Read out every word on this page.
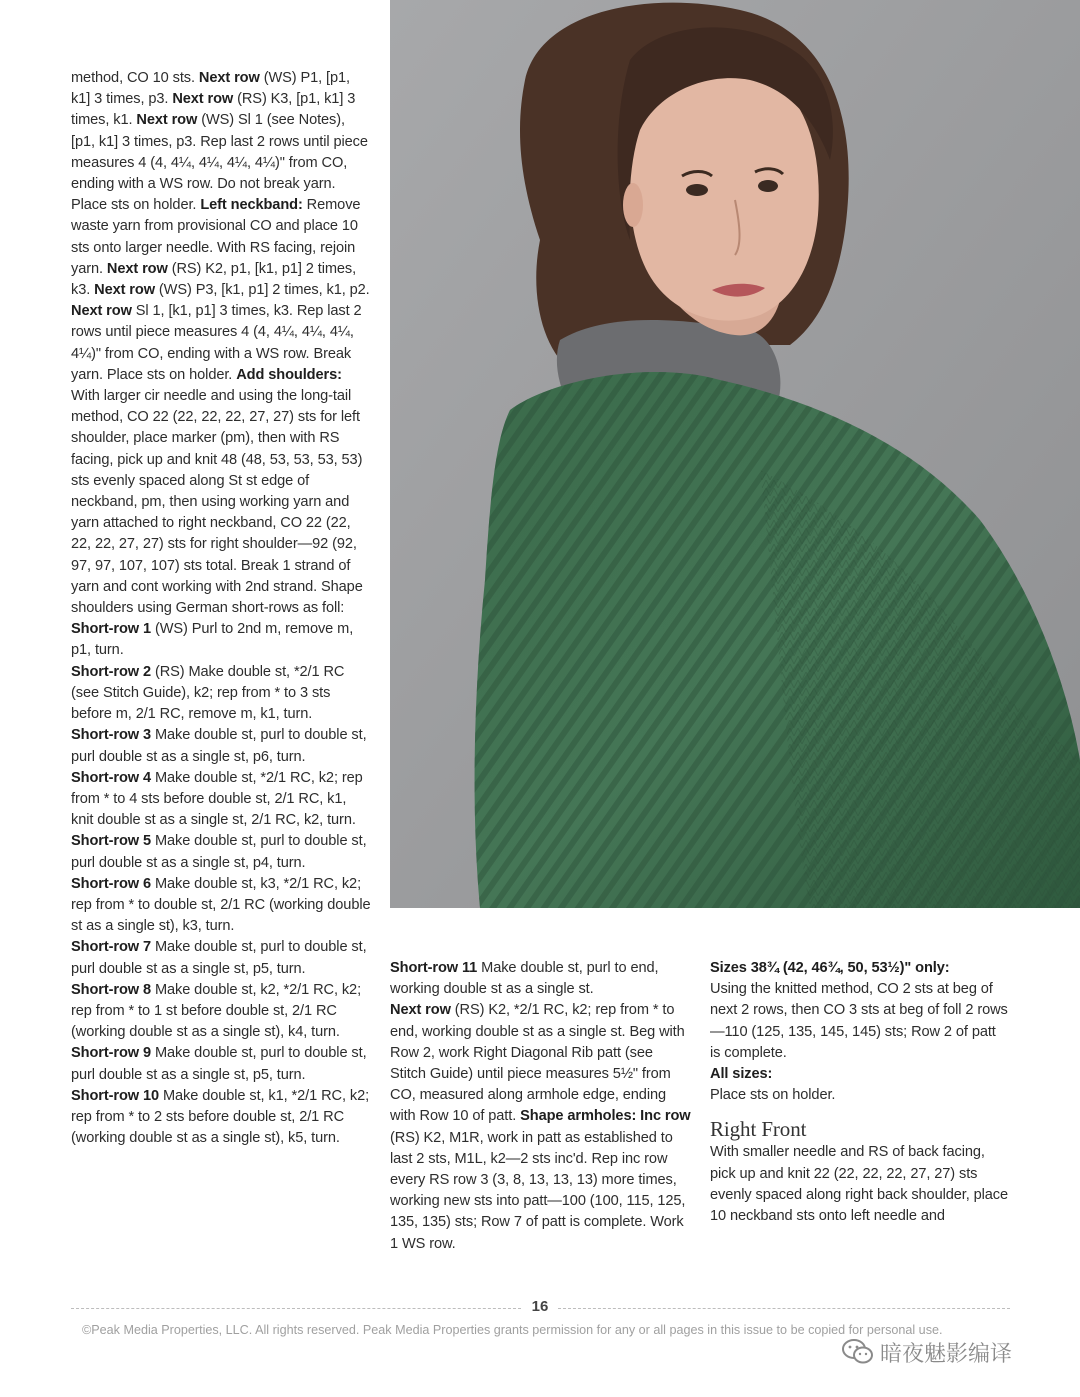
method, CO 10 sts. Next row (WS) P1, [p1, k1] 3 times, p3. Next row (RS) K3, [p1, k1] 3 times, k1. Next row (WS) Sl 1 (see Notes), [p1, k1] 3 times, p3. Rep last 2 rows until piece measures 4 (4, 4¼, 4¼, 4¼, 4¼)" from CO, ending with a WS row. Do not break yarn. Place sts on holder. Left neckband: Remove waste yarn from provisional CO and place 10 sts onto larger needle. With RS facing, rejoin yarn. Next row (RS) K2, p1, [k1, p1] 2 times, k3. Next row (WS) P3, [k1, p1] 2 times, k1, p2. Next row Sl 1, [k1, p1] 3 times, k3. Rep last 2 rows until piece measures 4 (4, 4¼, 4¼, 4¼, 4¼)" from CO, ending with a WS row. Break yarn. Place sts on holder. Add shoulders: With larger cir needle and using the long-tail method, CO 22 (22, 22, 22, 27, 27) sts for left shoulder, place marker (pm), then with RS facing, pick up and knit 48 (48, 53, 53, 53, 53) sts evenly spaced along St st edge of neckband, pm, then using working yarn and yarn attached to right neckband, CO 22 (22, 22, 22, 27, 27) sts for right shoulder—92 (92, 97, 97, 107, 107) sts total. Break 1 strand of yarn and cont working with 2nd strand. Shape shoulders using German short-rows as foll:

Short-row 1 (WS) Purl to 2nd m, remove m, p1, turn.

Short-row 2 (RS) Make double st, *2/1 RC (see Stitch Guide), k2; rep from * to 3 sts before m, 2/1 RC, remove m, k1, turn.

Short-row 3 Make double st, purl to double st, purl double st as a single st, p6, turn.

Short-row 4 Make double st, *2/1 RC, k2; rep from * to 4 sts before double st, 2/1 RC, k1, knit double st as a single st, 2/1 RC, k2, turn.

Short-row 5 Make double st, purl to double st, purl double st as a single st, p4, turn.

Short-row 6 Make double st, k3, *2/1 RC, k2; rep from * to double st, 2/1 RC (working double st as a single st), k3, turn.

Short-row 7 Make double st, purl to double st, purl double st as a single st, p5, turn.

Short-row 8 Make double st, k2, *2/1 RC, k2; rep from * to 1 st before double st, 2/1 RC (working double st as a single st), k4, turn.

Short-row 9 Make double st, purl to double st, purl double st as a single st, p5, turn.

Short-row 10 Make double st, k1, *2/1 RC, k2; rep from * to 2 sts before double st, 2/1 RC (working double st as a single st), k5, turn.

Short-row 11 Make double st, purl to end, working double st as a single st.

Next row (RS) K2, *2/1 RC, k2; rep from * to end, working double st as a single st. Beg with Row 2, work Right Diagonal Rib patt (see Stitch Guide) until piece measures 5½" from CO, measured along armhole edge, ending with Row 10 of patt. Shape armholes: Inc row (RS) K2, M1R, work in patt as established to last 2 sts, M1L, k2—2 sts inc'd. Rep inc row every RS row 3 (3, 8, 13, 13, 13) more times, working new sts into patt—100 (100, 115, 125, 135, 135) sts; Row 7 of patt is complete. Work 1 WS row.

Sizes 38¾ (42, 46¾, 50, 53½)" only:

Using the knitted method, CO 2 sts at beg of next 2 rows, then CO 3 sts at beg of foll 2 rows—110 (125, 135, 145, 145) sts; Row 2 of patt is complete.

All sizes:

Place sts on holder.

Right Front

With smaller needle and RS of back facing, pick up and knit 22 (22, 22, 22, 27, 27) sts evenly spaced along right back shoulder, place 10 neckband sts onto left needle and

16
©Peak Media Properties, LLC. All rights reserved. Peak Media Properties grants permission for any or all pages in this issue to be copied for personal use.
暗夜魅影编译
